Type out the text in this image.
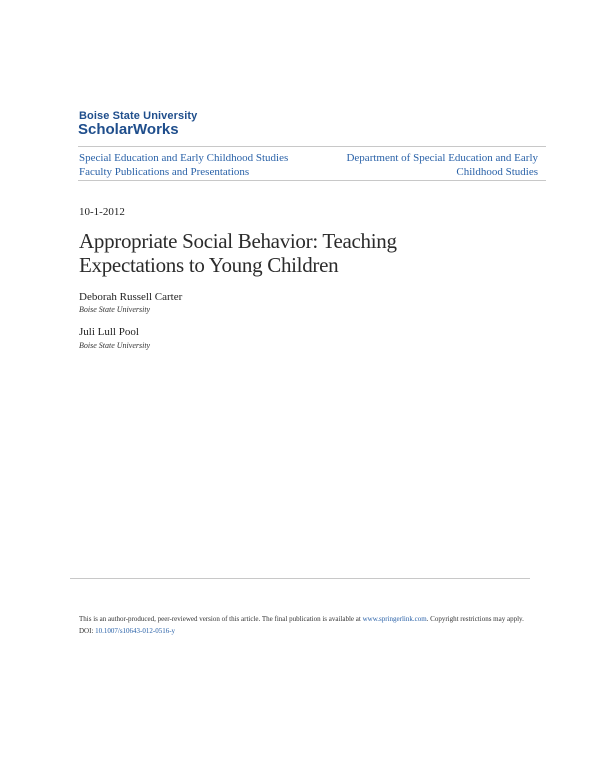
Boise State University
ScholarWorks
Special Education and Early Childhood Studies
Faculty Publications and Presentations
Department of Special Education and Early
Childhood Studies
10-1-2012
Appropriate Social Behavior: Teaching
Expectations to Young Children
Deborah Russell Carter
Boise State University
Juli Lull Pool
Boise State University
This is an author-produced, peer-reviewed version of this article. The final publication is available at www.springerlink.com. Copyright restrictions may apply. DOI: 10.1007/s10643-012-0516-y
